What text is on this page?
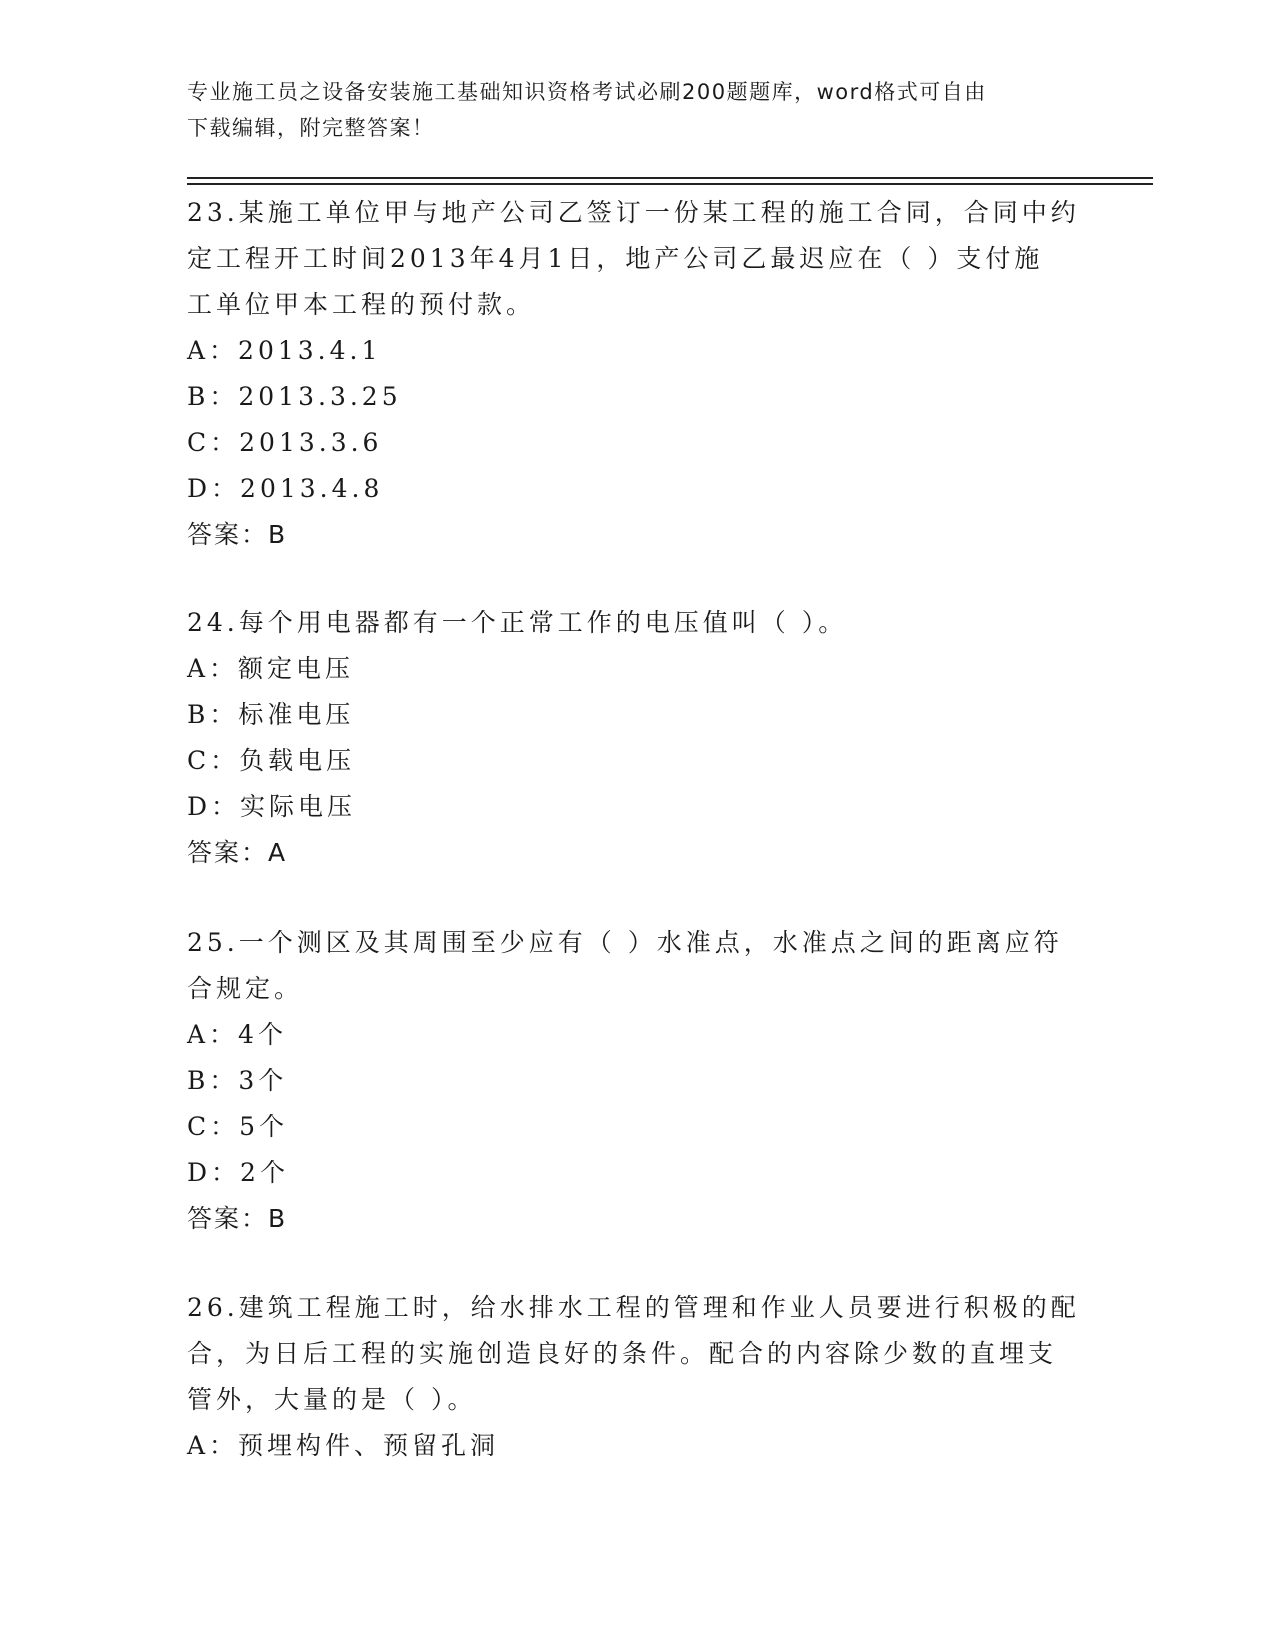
专业施工员之设备安装施工基础知识资格考试必刷200题题库，word格式可自由
下载编辑，附完整答案！
23.某施工单位甲与地产公司乙签订一份某工程的施工合同，合同中约
定工程开工时间2013年4月1日，地产公司乙最迟应在（ ）支付施
工单位甲本工程的预付款。
A：2013.4.1
B：2013.3.25
C：2013.3.6
D：2013.4.8
答案：B
24.每个用电器都有一个正常工作的电压值叫（ ）。
A：额定电压
B：标准电压
C：负载电压
D：实际电压
答案：A
25.一个测区及其周围至少应有（ ）水准点，水准点之间的距离应符
合规定。
A：4个
B：3个
C：5个
D：2个
答案：B
26.建筑工程施工时，给水排水工程的管理和作业人员要进行积极的配
合，为日后工程的实施创造良好的条件。配合的内容除少数的直埋支
管外，大量的是（ ）。
A：预埋构件、预留孔洞
